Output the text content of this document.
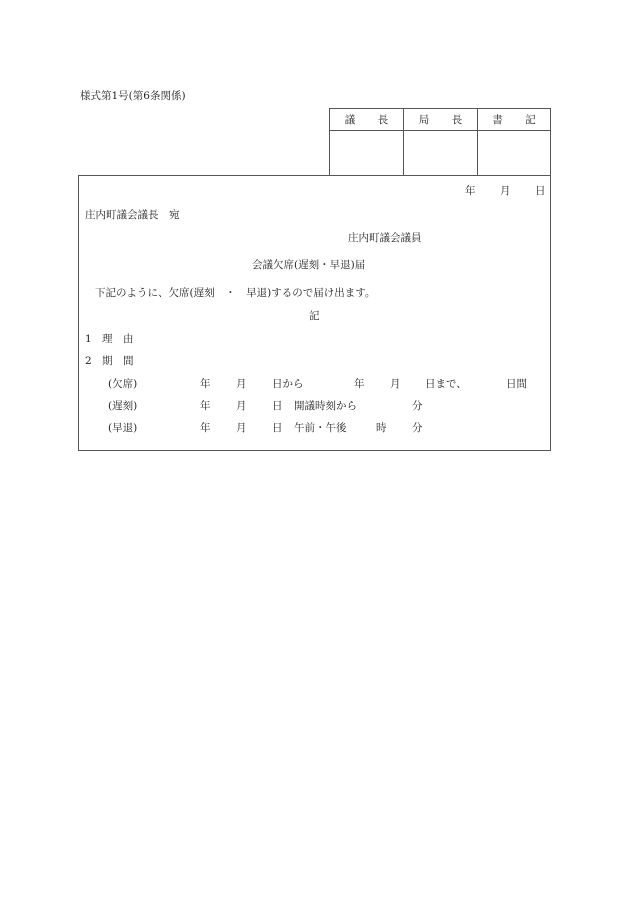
様式第1号(第6条関係)
議　長	局　長	書　記
年 月 日
庄内町議会議長　宛
庄内町議会議員
会議欠席(遅刻・早退)届
下記のように、欠席(遅刻　・　早退)するので届け出ます。
記
1 理　由
2 期　間
(欠席)	年 月 日から	年 月 日まで、	日間
(遅刻)	年 月 日 開議時刻から	分
(早退)	年 月 日 午前・午後	時 分
